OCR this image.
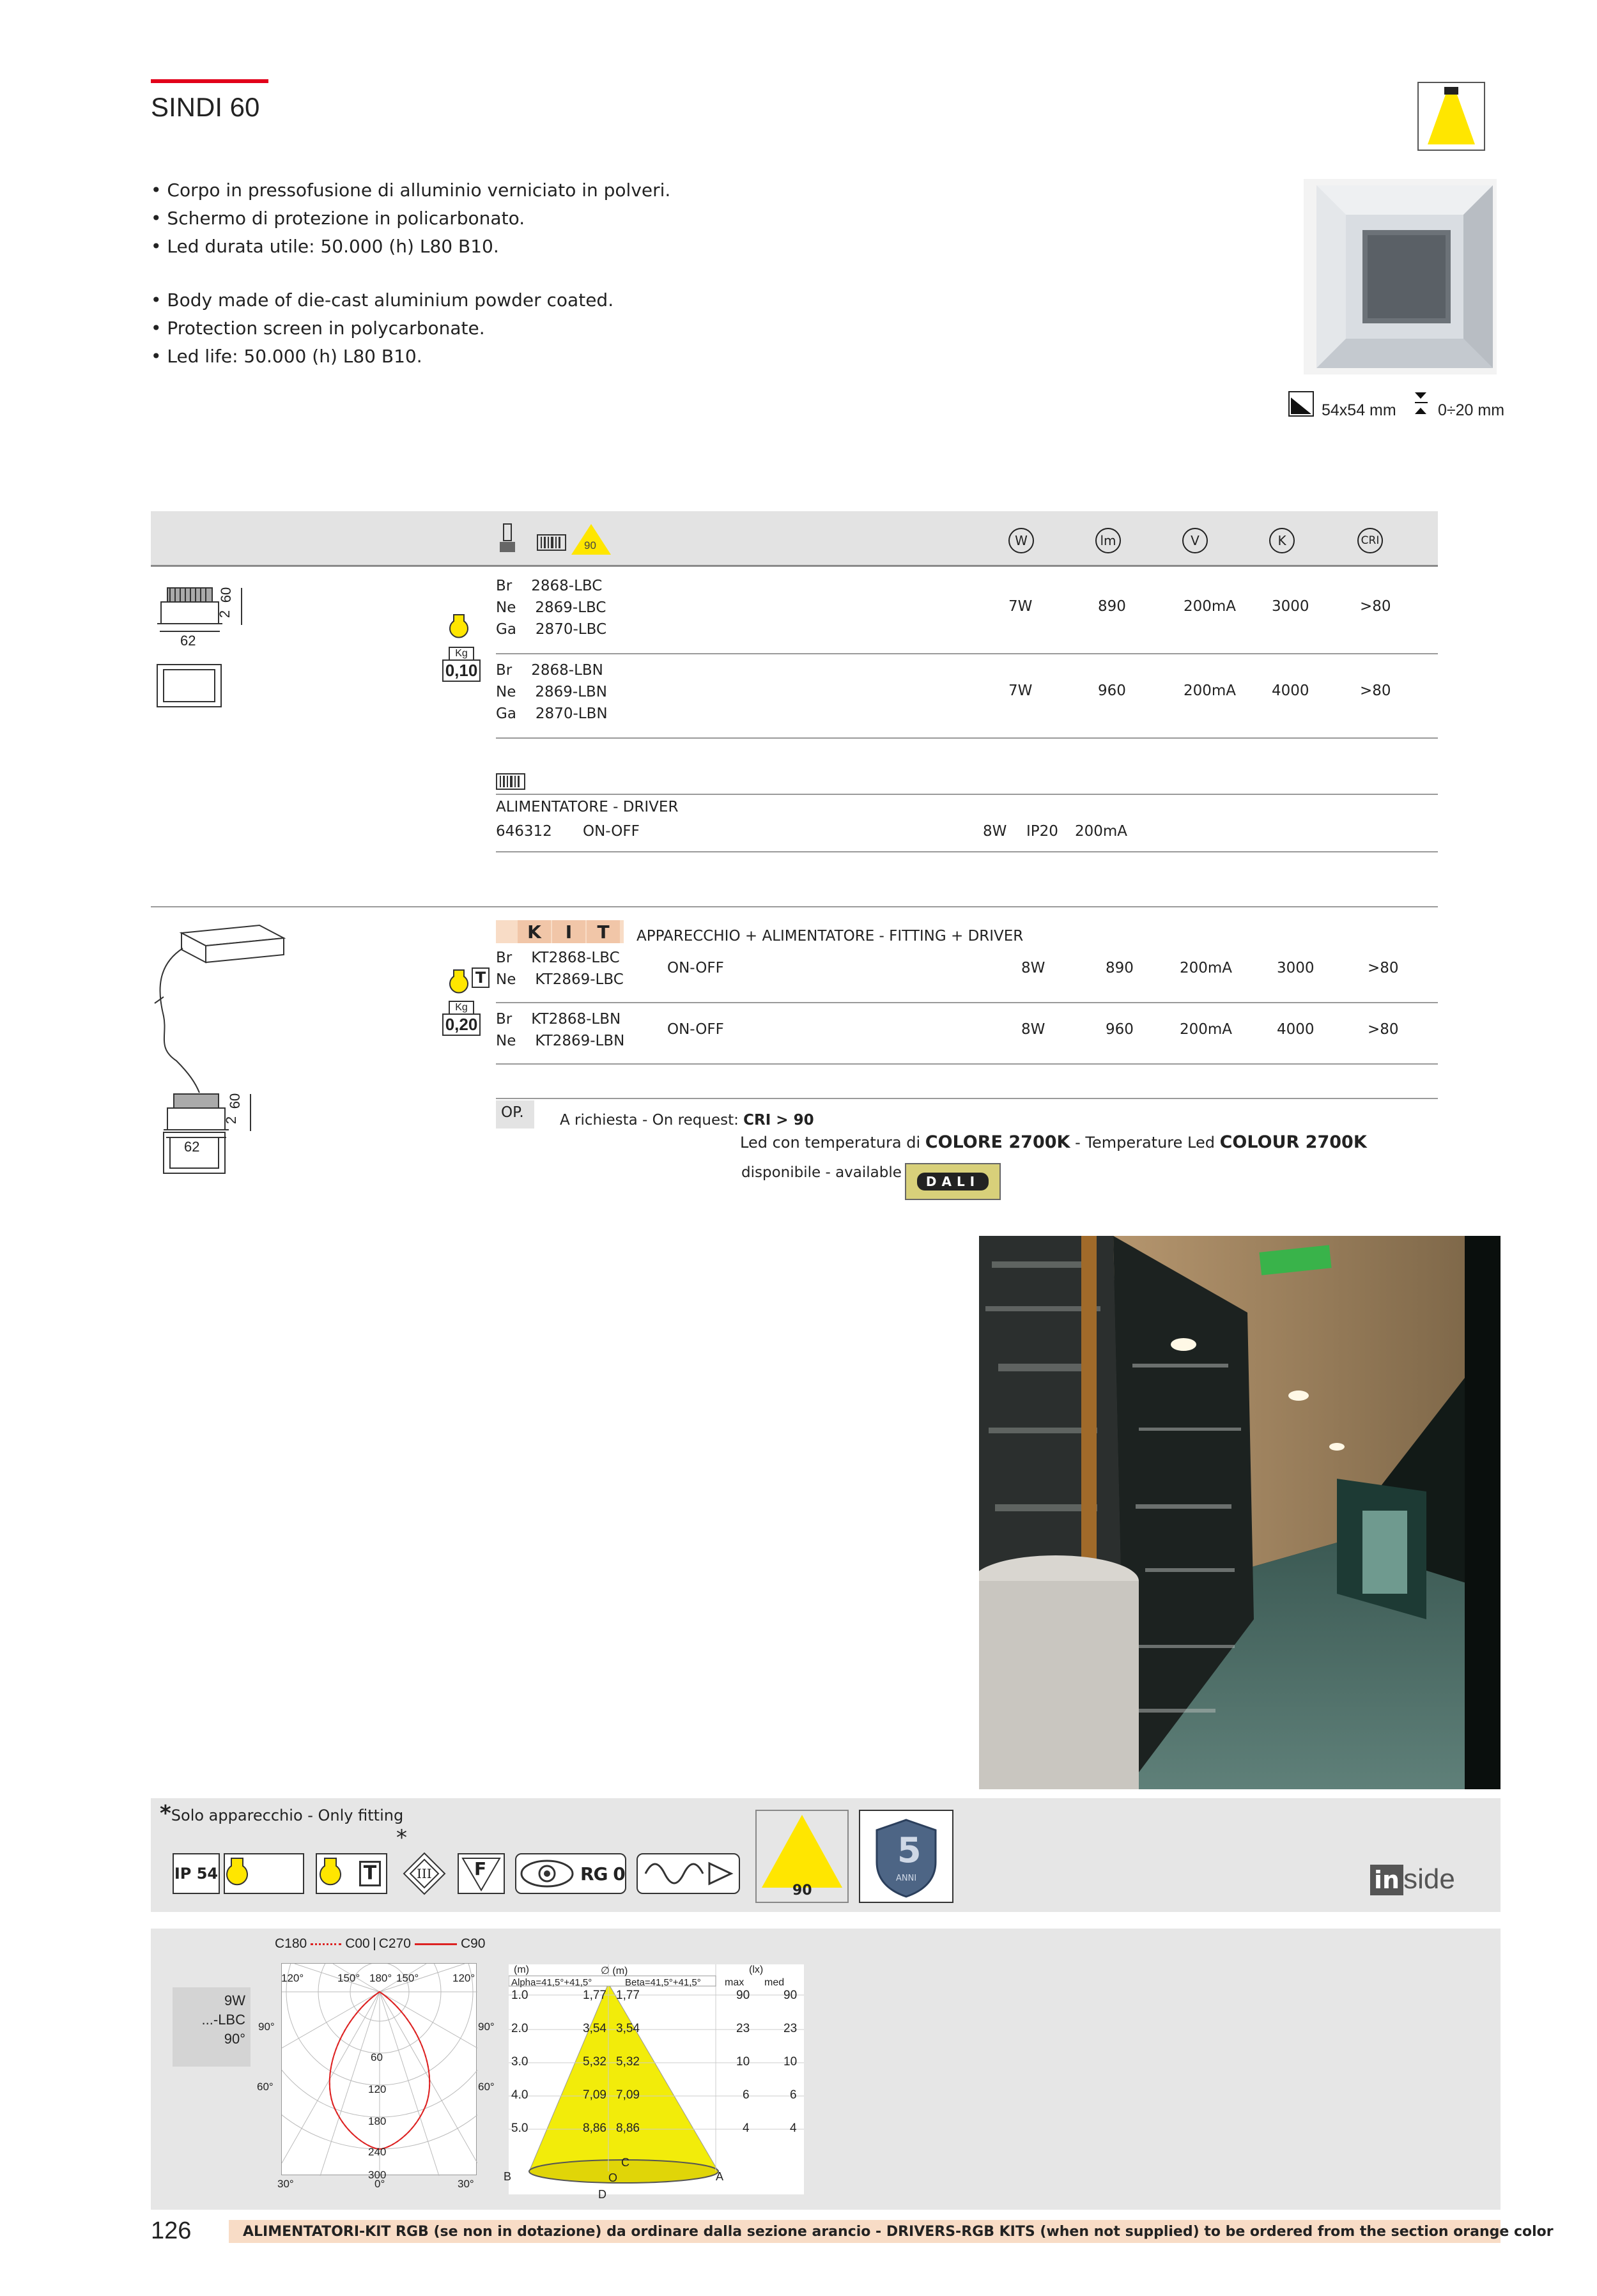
SINDI 60
• Corpo in pressofusione di alluminio verniciato in polveri.
• Schermo di protezione in policarbonato.
• Led durata utile: 50.000 (h) L80 B10.
• Body made of die-cast aluminium powder coated.
• Protection screen in polycarbonate.
• Led life: 50.000 (h) L80 B10.
54x54 mm	0÷20 mm
90	W	lm	V	K	CRI
62
2
60
Kg
0,10
Br 2868-LBC
Ne 2869-LBC
Ga 2870-LBC
7W	890	200mA 3000	>80
Br 2868-LBN
Ne 2869-LBN
Ga 2870-LBN
7W	960	200mA 4000	>80
ALIMENTATORE - DRIVER
646312 ON-OFF	8W IP20 200mA
K	I	T	APPARECCHIO + ALIMENTATORE - FITTING + DRIVER
Br KT2868-LBC
Ne KT2869-LBC
ON-OFF	8W	890	200mA	3000	>80
Br KT2868-LBN
Ne KT2869-LBN
ON-OFF	8W	960	200mA	4000	>80
62
2
60
T
Kg
0,20
OP.	A richiesta - On request: CRI > 90
Led con temperatura di COLORE 2700K - Temperature Led COLOUR 2700K
disponibile - available
DALI
*Solo apparecchio - Only fitting
IP 54
*
T	III F	RG 0
90
5
ANNI	in side
C180	C00 C270	C90
9W
...-LBC
90°
120°	150° 180° 150°	120°
90°	90°
60°	60°
30°	0°	30°
60
120
180
240
300
(m)	∅ (m)	(lx)
Alpha=41,5°+41,5°	Beta=41,5°+41,5° max med
1.0	1,77 1,77	90	90
2.0	3,54 3,54	23	23
3.0	5,32 5,32	10	10
4.0	7,09 7,09	6	6
5.0	8,86 8,86	4	4
B
C
O	A
D
126	ALIMENTATORI-KIT RGB (se non in dotazione) da ordinare dalla sezione arancio - DRIVERS-RGB KITS (when not supplied) to be ordered from the section orange color
